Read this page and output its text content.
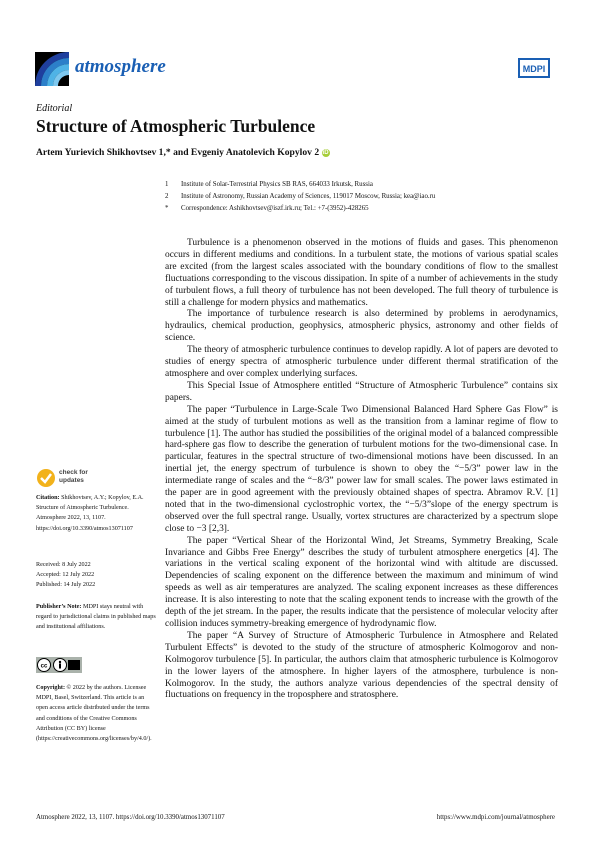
atmosphere	MDPI
Editorial
Structure of Atmospheric Turbulence
Artem Yurievich Shikhovtsev 1,* and Evgeniy Anatolevich Kopylov 2 iD
1	Institute of Solar-Terrestrial Physics SB RAS, 664033 Irkutsk, Russia
2	Institute of Astronomy, Russian Academy of Sciences, 119017 Moscow, Russia; kea@iao.ru
*	Correspondence: Ashikhovtsev@iszf.irk.ru; Tel.: +7-(3952)-428265

Turbulence is a phenomenon observed in the motions of fluids and gases. This phenomenon occurs in different mediums and conditions. In a turbulent state, the motions of various spatial scales are excited (from the largest scales associated with the boundary conditions of flow to the smallest fluctuations corresponding to the viscous dissipation. In spite of a number of achievements in the study of turbulent flows, a full theory of turbulence has not been developed. The full theory of turbulence is still a challenge for modern physics and mathematics.

The importance of turbulence research is also determined by problems in aerodynamics, hydraulics, chemical production, geophysics, atmospheric physics, astronomy and other fields of science.

The theory of atmospheric turbulence continues to develop rapidly. A lot of papers are devoted to studies of energy spectra of atmospheric turbulence under different thermal stratification of the atmosphere and over complex underlying surfaces.

This Special Issue of Atmosphere entitled “Structure of Atmospheric Turbulence” contains six papers.

The paper “Turbulence in Large-Scale Two Dimensional Balanced Hard Sphere Gas Flow” is aimed at the study of turbulent motions as well as the transition from a laminar regime of flow to turbulence [1]. The author has studied the possibilities of the original model of a balanced compressible hard-sphere gas flow to describe the generation of turbulent motions for the two-dimensional case. In particular, features in the spectral structure of two-dimensional motions have been discussed. In an inertial jet, the energy spectrum of turbulence is shown to obey the “−5/3” power law in the intermediate range of scales and the “−8/3” power law for small scales. The power laws estimated in the paper are in good agreement with the previously obtained shapes of spectra. Abramov R.V. [1] noted that in the two-dimensional cyclostrophic vortex, the “−5/3”slope of the energy spectrum is observed over the full spectral range. Usually, vortex structures are characterized by a spectrum slope close to −3 [2,3].

The paper “Vertical Shear of the Horizontal Wind, Jet Streams, Symmetry Breaking, Scale Invariance and Gibbs Free Energy” describes the study of turbulent atmosphere energetics [4]. The variations in the vertical scaling exponent of the horizontal wind with altitude are discussed. Dependencies of scaling exponent on the difference between the maximum and minimum of wind speeds as well as air temperatures are analyzed. The scaling exponent increases as these differences increase. It is also interesting to note that the scaling exponent tends to increase with the growth of the depth of the jet stream. In the paper, the results indicate that the persistence of molecular velocity after collision induces symmetry-breaking emergence of hydrodynamic flow.

The paper “A Survey of Structure of Atmospheric Turbulence in Atmosphere and Related Turbulent Effects” is devoted to the study of the structure of atmospheric Kolmogorov and non-Kolmogorov turbulence [5]. In particular, the authors claim that atmospheric turbulence is Kolmogorov in the lower layers of the atmosphere. In higher layers of the atmosphere, turbulence is non-Kolmogorov. In the study, the authors analyze various dependencies of the spectral density of fluctuations on frequency in the troposphere and stratosphere.

check for
updates
Citation: Shikhovtsev, A.Y.; Kopylov, E.A. Structure of Atmospheric Turbulence. Atmosphere 2022, 13, 1107. https://doi.org/10.3390/atmos13071107
Received: 8 July 2022
Accepted: 12 July 2022
Published: 14 July 2022
Publisher’s Note: MDPI stays neutral with regard to jurisdictional claims in published maps and institutional affiliations.
cc
Copyright: © 2022 by the authors. Licensee MDPI, Basel, Switzerland. This article is an open access article distributed under the terms and conditions of the Creative Commons Attribution (CC BY) license (https://creativecommons.org/licenses/by/4.0/).
Atmosphere 2022, 13, 1107. https://doi.org/10.3390/atmos13071107	https://www.mdpi.com/journal/atmosphere
